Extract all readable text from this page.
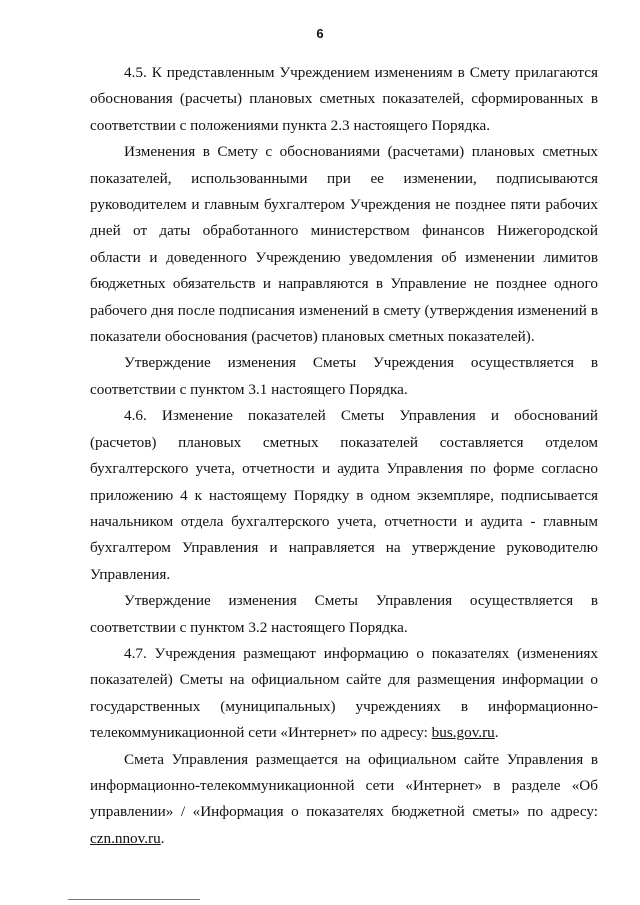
6

4.5. К представленным Учреждением изменениям в Смету прилагаются обоснования (расчеты) плановых сметных показателей, сформированных в соответствии с положениями пункта 2.3 настоящего Порядка.

Изменения в Смету с обоснованиями (расчетами) плановых сметных показателей, использованными при ее изменении, подписываются руководителем и главным бухгалтером Учреждения не позднее пяти рабочих дней от даты обработанного министерством финансов Нижегородской области и доведенного Учреждению уведомления об изменении лимитов бюджетных обязательств и направляются в Управление не позднее одного рабочего дня после подписания изменений в смету (утверждения изменений в показатели обоснования (расчетов) плановых сметных показателей).

Утверждение изменения Сметы Учреждения осуществляется в соответствии с пунктом 3.1 настоящего Порядка.

4.6. Изменение показателей Сметы Управления и обоснований (расчетов) плановых сметных показателей составляется отделом бухгалтерского учета, отчетности и аудита Управления по форме согласно приложению 4 к настоящему Порядку в одном экземпляре, подписывается начальником отдела бухгалтерского учета, отчетности и аудита - главным бухгалтером Управления и направляется на утверждение руководителю Управления.

Утверждение изменения Сметы Управления осуществляется в соответствии с пунктом 3.2 настоящего Порядка.

4.7. Учреждения размещают информацию о показателях (изменениях показателей) Сметы на официальном сайте для размещения информации о государственных (муниципальных) учреждениях в информационно-телекоммуникационной сети «Интернет» по адресу: bus.gov.ru.

Смета Управления размещается на официальном сайте Управления в информационно-телекоммуникационной сети «Интернет» в разделе «Об управлении» / «Информация о показателях бюджетной сметы» по адресу: czn.nnov.ru.
